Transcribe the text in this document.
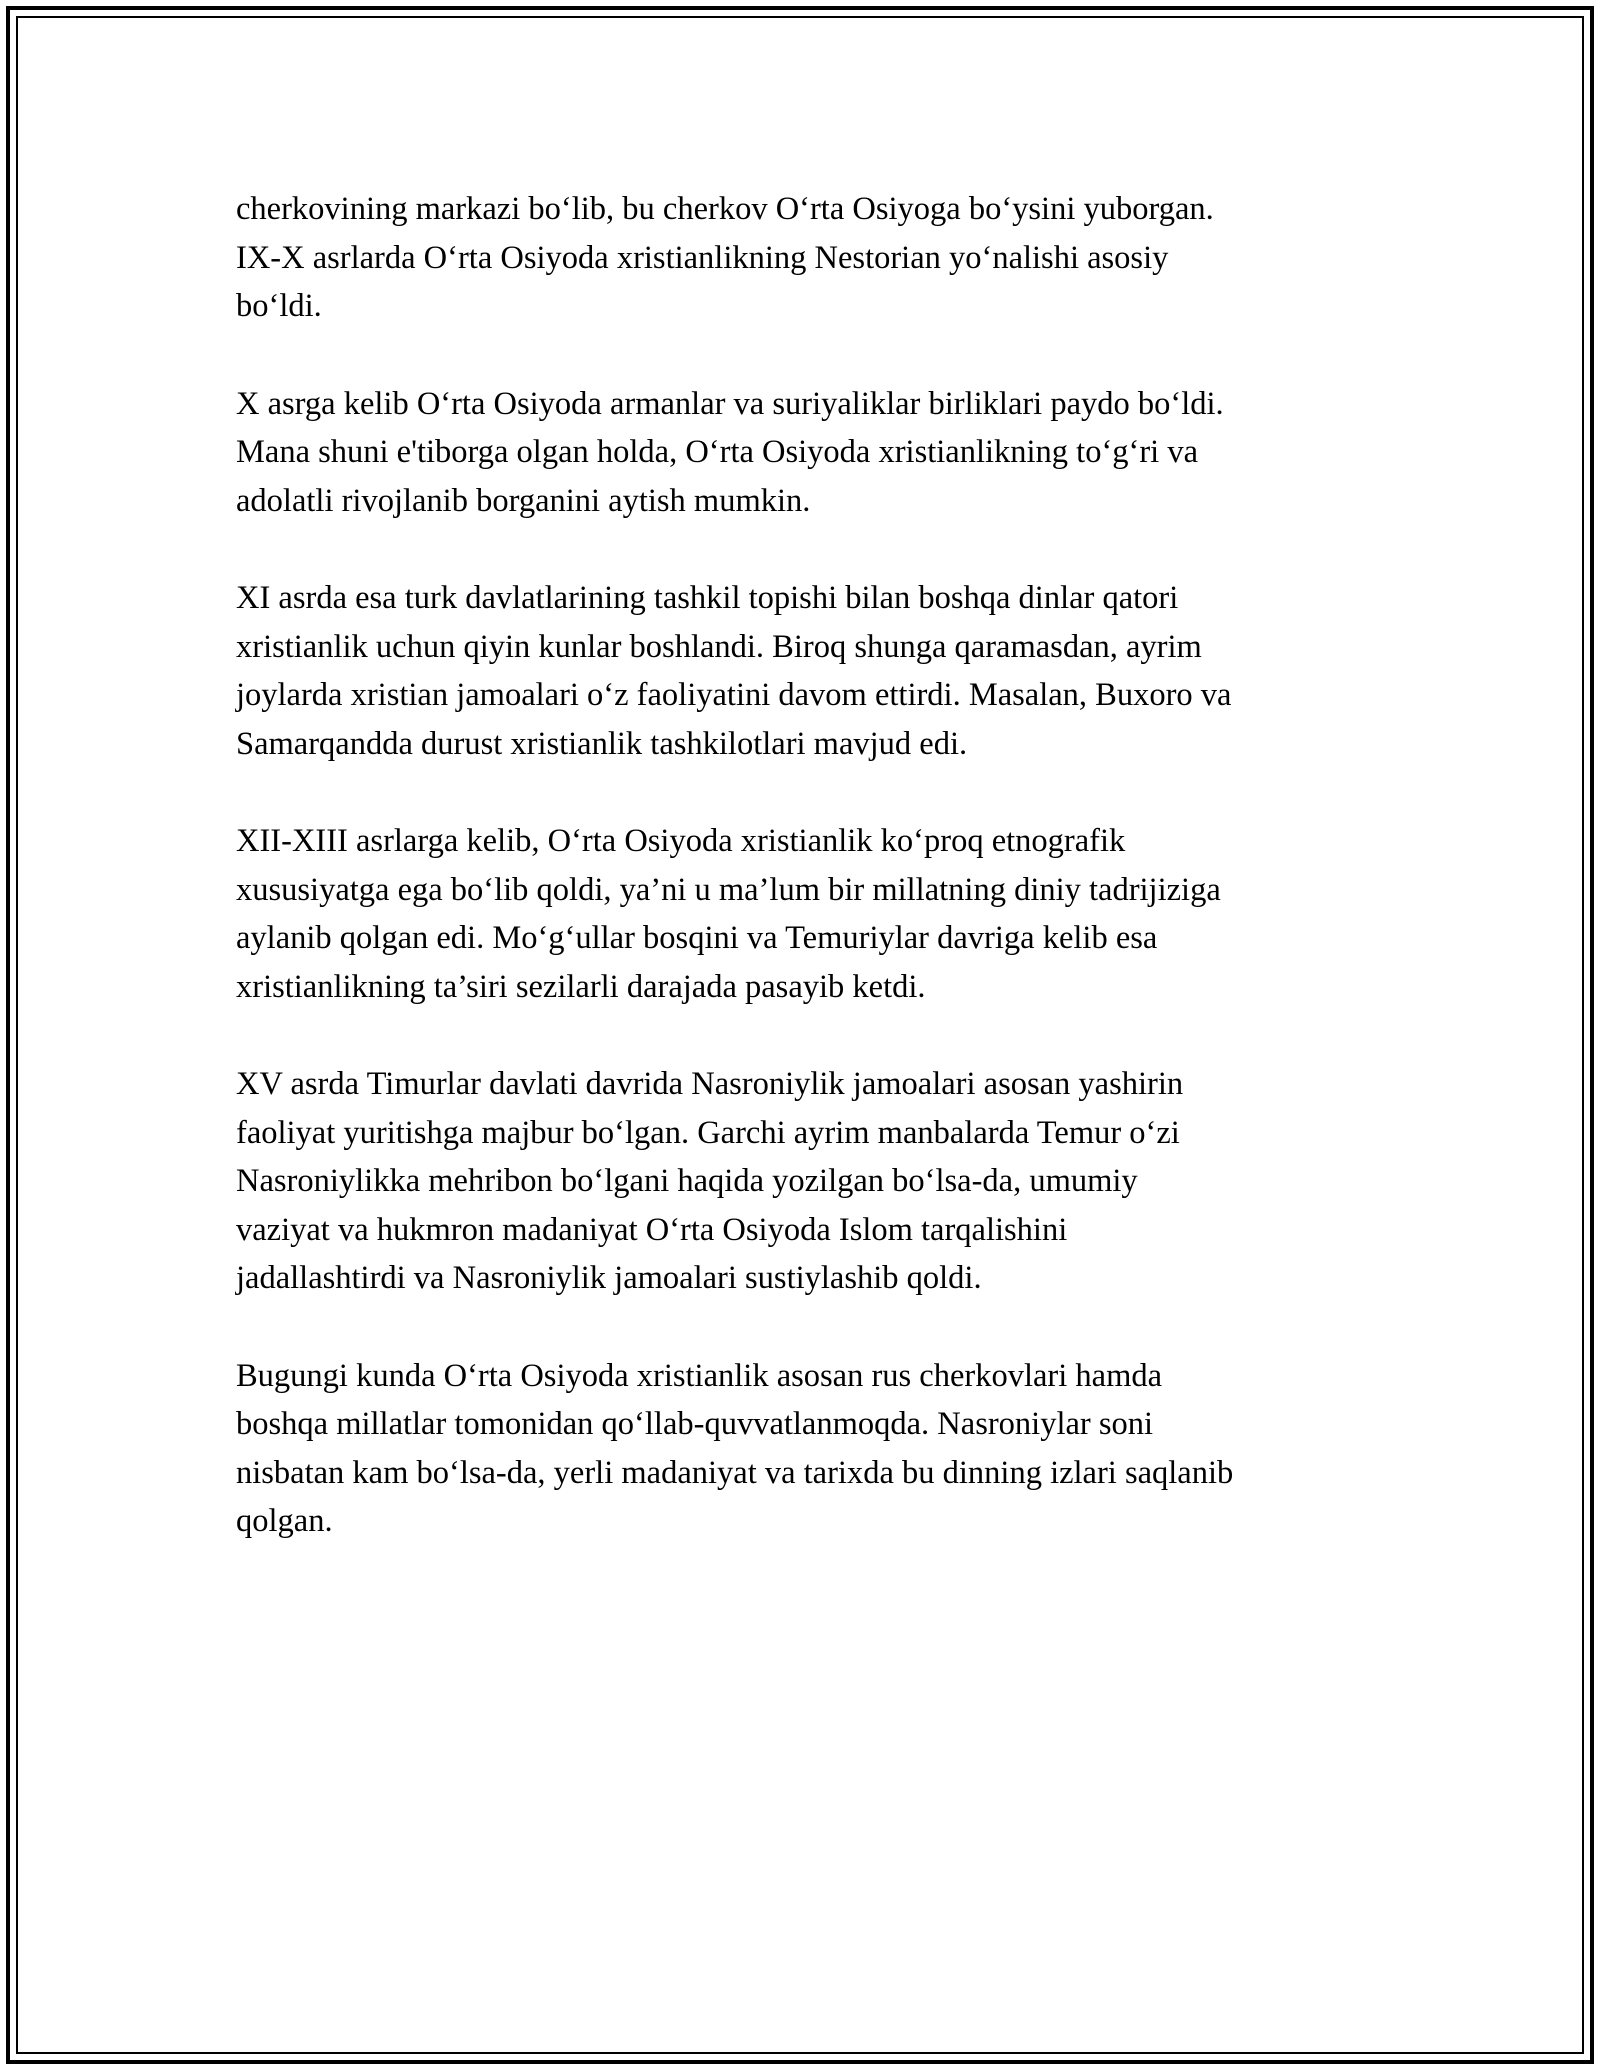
cherkovining markazi bo‘lib, bu cherkov O‘rta Osiyoga bo‘ysini yuborgan.
IX-X asrlarda O‘rta Osiyoda xristianlikning Nestorian yo‘nalishi asosiy
bo‘ldi.

X asrga kelib O‘rta Osiyoda armanlar va suriyaliklar birliklari paydo bo‘ldi.
Mana shuni e'tiborga olgan holda, O‘rta Osiyoda xristianlikning to‘g‘ri va
adolatli rivojlanib borganini aytish mumkin.

XI asrda esa turk davlatlarining tashkil topishi bilan boshqa dinlar qatori
xristianlik uchun qiyin kunlar boshlandi. Biroq shunga qaramasdan, ayrim
joylarda xristian jamoalari o‘z faoliyatini davom ettirdi. Masalan, Buxoro va
Samarqandda durust xristianlik tashkilotlari mavjud edi.

XII-XIII asrlarga kelib, O‘rta Osiyoda xristianlik ko‘proq etnografik
xususiyatga ega bo‘lib qoldi, ya’ni u ma’lum bir millatning diniy tadrijiziga
aylanib qolgan edi. Mo‘g‘ullar bosqini va Temuriylar davriga kelib esa
xristianlikning ta’siri sezilarli darajada pasayib ketdi.

XV asrda Timurlar davlati davrida Nasroniylik jamoalari asosan yashirin
faoliyat yuritishga majbur bo‘lgan. Garchi ayrim manbalarda Temur o‘zi
Nasroniylikka mehribon bo‘lgani haqida yozilgan bo‘lsa-da, umumiy
vaziyat va hukmron madaniyat O‘rta Osiyoda Islom tarqalishini
jadallashtirdi va Nasroniylik jamoalari sustiylashib qoldi.

Bugungi kunda O‘rta Osiyoda xristianlik asosan rus cherkovlari hamda
boshqa millatlar tomonidan qo‘llab-quvvatlanmoqda. Nasroniylar soni
nisbatan kam bo‘lsa-da, yerli madaniyat va tarixda bu dinning izlari saqlanib
qolgan.
